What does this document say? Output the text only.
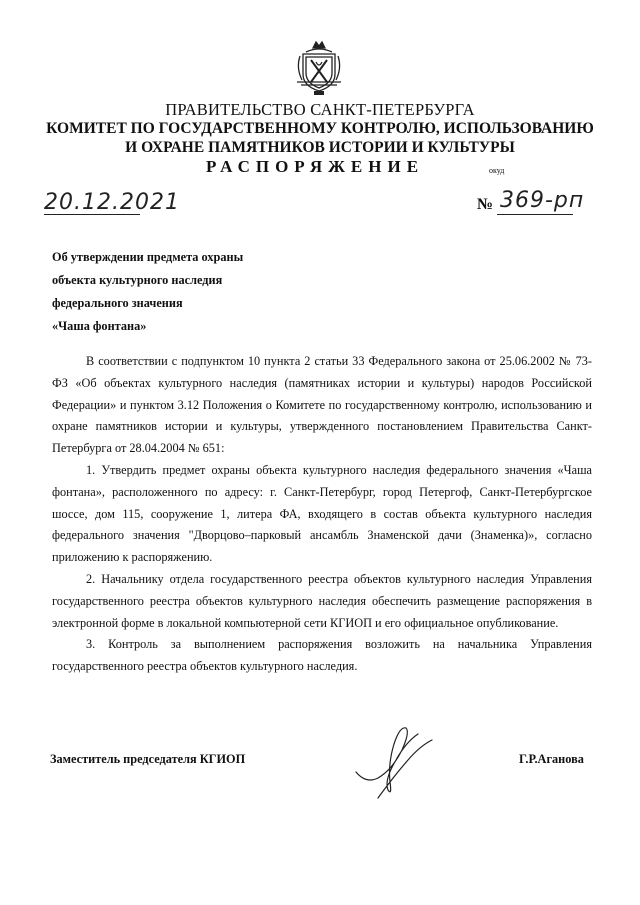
ПРАВИТЕЛЬСТВО САНКТ-ПЕТЕРБУРГА
КОМИТЕТ ПО ГОСУДАРСТВЕННОМУ КОНТРОЛЮ, ИСПОЛЬЗОВАНИЮ
И ОХРАНЕ ПАМЯТНИКОВ ИСТОРИИ И КУЛЬТУРЫ
РАСПОРЯЖЕНИЕ	окуд
20.12.2021	№ 369-рп
Об утверждении предмета охраны
объекта культурного наследия
федерального значения
«Чаша фонтана»

В соответствии с подпунктом 10 пункта 2 статьи 33 Федерального закона от 25.06.2002 № 73-ФЗ «Об объектах культурного наследия (памятниках истории и культуры) народов Российской Федерации» и пунктом 3.12 Положения о Комитете по государственному контролю, использованию и охране памятников истории и культуры, утвержденного постановлением Правительства Санкт-Петербурга от 28.04.2004 № 651:

1. Утвердить предмет охраны объекта культурного наследия федерального значения «Чаша фонтана», расположенного по адресу: г. Санкт-Петербург, город Петергоф, Санкт-Петербургское шоссе, дом 115, сооружение 1, литера ФА, входящего в состав объекта культурного наследия федерального значения "Дворцово–парковый ансамбль Знаменской дачи (Знаменка)», согласно приложению к распоряжению.

2. Начальнику отдела государственного реестра объектов культурного наследия Управления государственного реестра объектов культурного наследия обеспечить размещение распоряжения в электронной форме в локальной компьютерной сети КГИОП и его официальное опубликование.

3. Контроль за выполнением распоряжения возложить на начальника Управления государственного реестра объектов культурного наследия.

Заместитель председателя КГИОП	Г.Р.Аганова
